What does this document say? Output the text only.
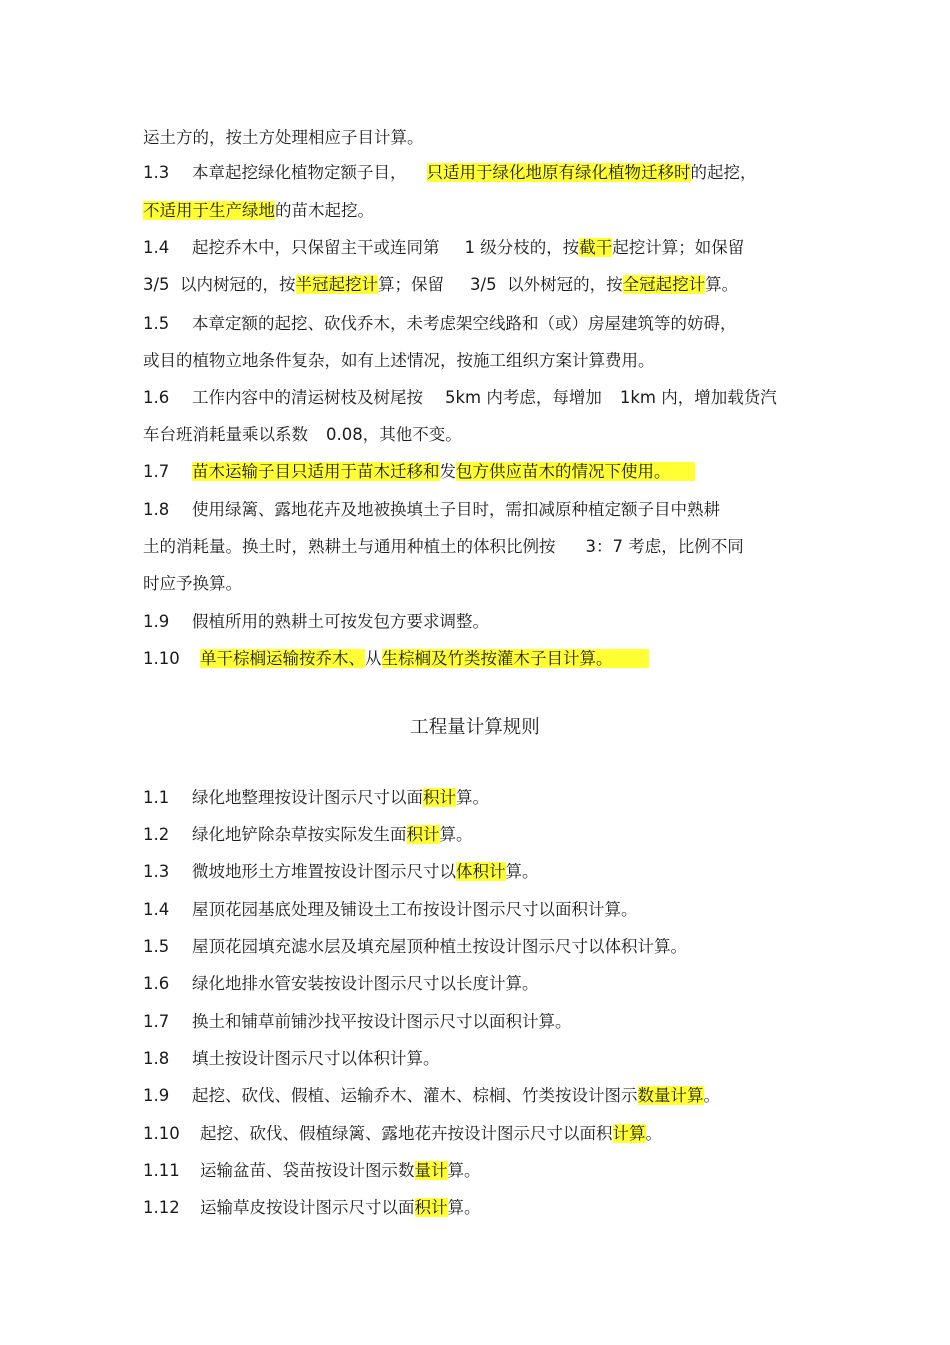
运土方的，按土方处理相应子目计算。
1.3 本章起挖绿化植物定额子目， 只适用于绿化地原有绿化植物迁移时的起挖，
不适用于生产绿地的苗木起挖。
1.4 起挖乔木中，只保留主干或连同第 1 级分枝的，按截干起挖计算；如保留
3/5  以内树冠的，按半冠起挖计算；保留 3/5  以外树冠的，按全冠起挖计算。
1.5 本章定额的起挖、砍伐乔木，未考虑架空线路和（或）房屋建筑等的妨碍，
或目的植物立地条件复杂，如有上述情况，按施工组织方案计算费用。
1.6 工作内容中的清运树枝及树尾按 5km 内考虑，每增加 1km 内，增加载货汽
车台班消耗量乘以系数 0.08，其他不变。
1.7 苗木运输子目只适用于苗木迁移和发包方供应苗木的情况下使用。
1.8 使用绿篱、露地花卉及地被换填土子目时，需扣减原种植定额子目中熟耕
土的消耗量。换土时，熟耕土与通用种植土的体积比例按 3：7 考虑，比例不同
时应予换算。
1.9 假植所用的熟耕土可按发包方要求调整。
1.10 单干棕榈运输按乔木、从生棕榈及竹类按灌木子目计算。
工程量计算规则
1.1 绿化地整理按设计图示尺寸以面积计算。
1.2 绿化地铲除杂草按实际发生面积计算。
1.3 微坡地形土方堆置按设计图示尺寸以体积计算。
1.4 屋顶花园基底处理及铺设土工布按设计图示尺寸以面积计算。
1.5 屋顶花园填充滤水层及填充屋顶种植土按设计图示尺寸以体积计算。
1.6 绿化地排水管安装按设计图示尺寸以长度计算。
1.7 换土和铺草前铺沙找平按设计图示尺寸以面积计算。
1.8 填土按设计图示尺寸以体积计算。
1.9 起挖、砍伐、假植、运输乔木、灌木、棕榈、竹类按设计图示数量计算。
1.10 起挖、砍伐、假植绿篱、露地花卉按设计图示尺寸以面积计算。
1.11 运输盆苗、袋苗按设计图示数量计算。
1.12 运输草皮按设计图示尺寸以面积计算。
